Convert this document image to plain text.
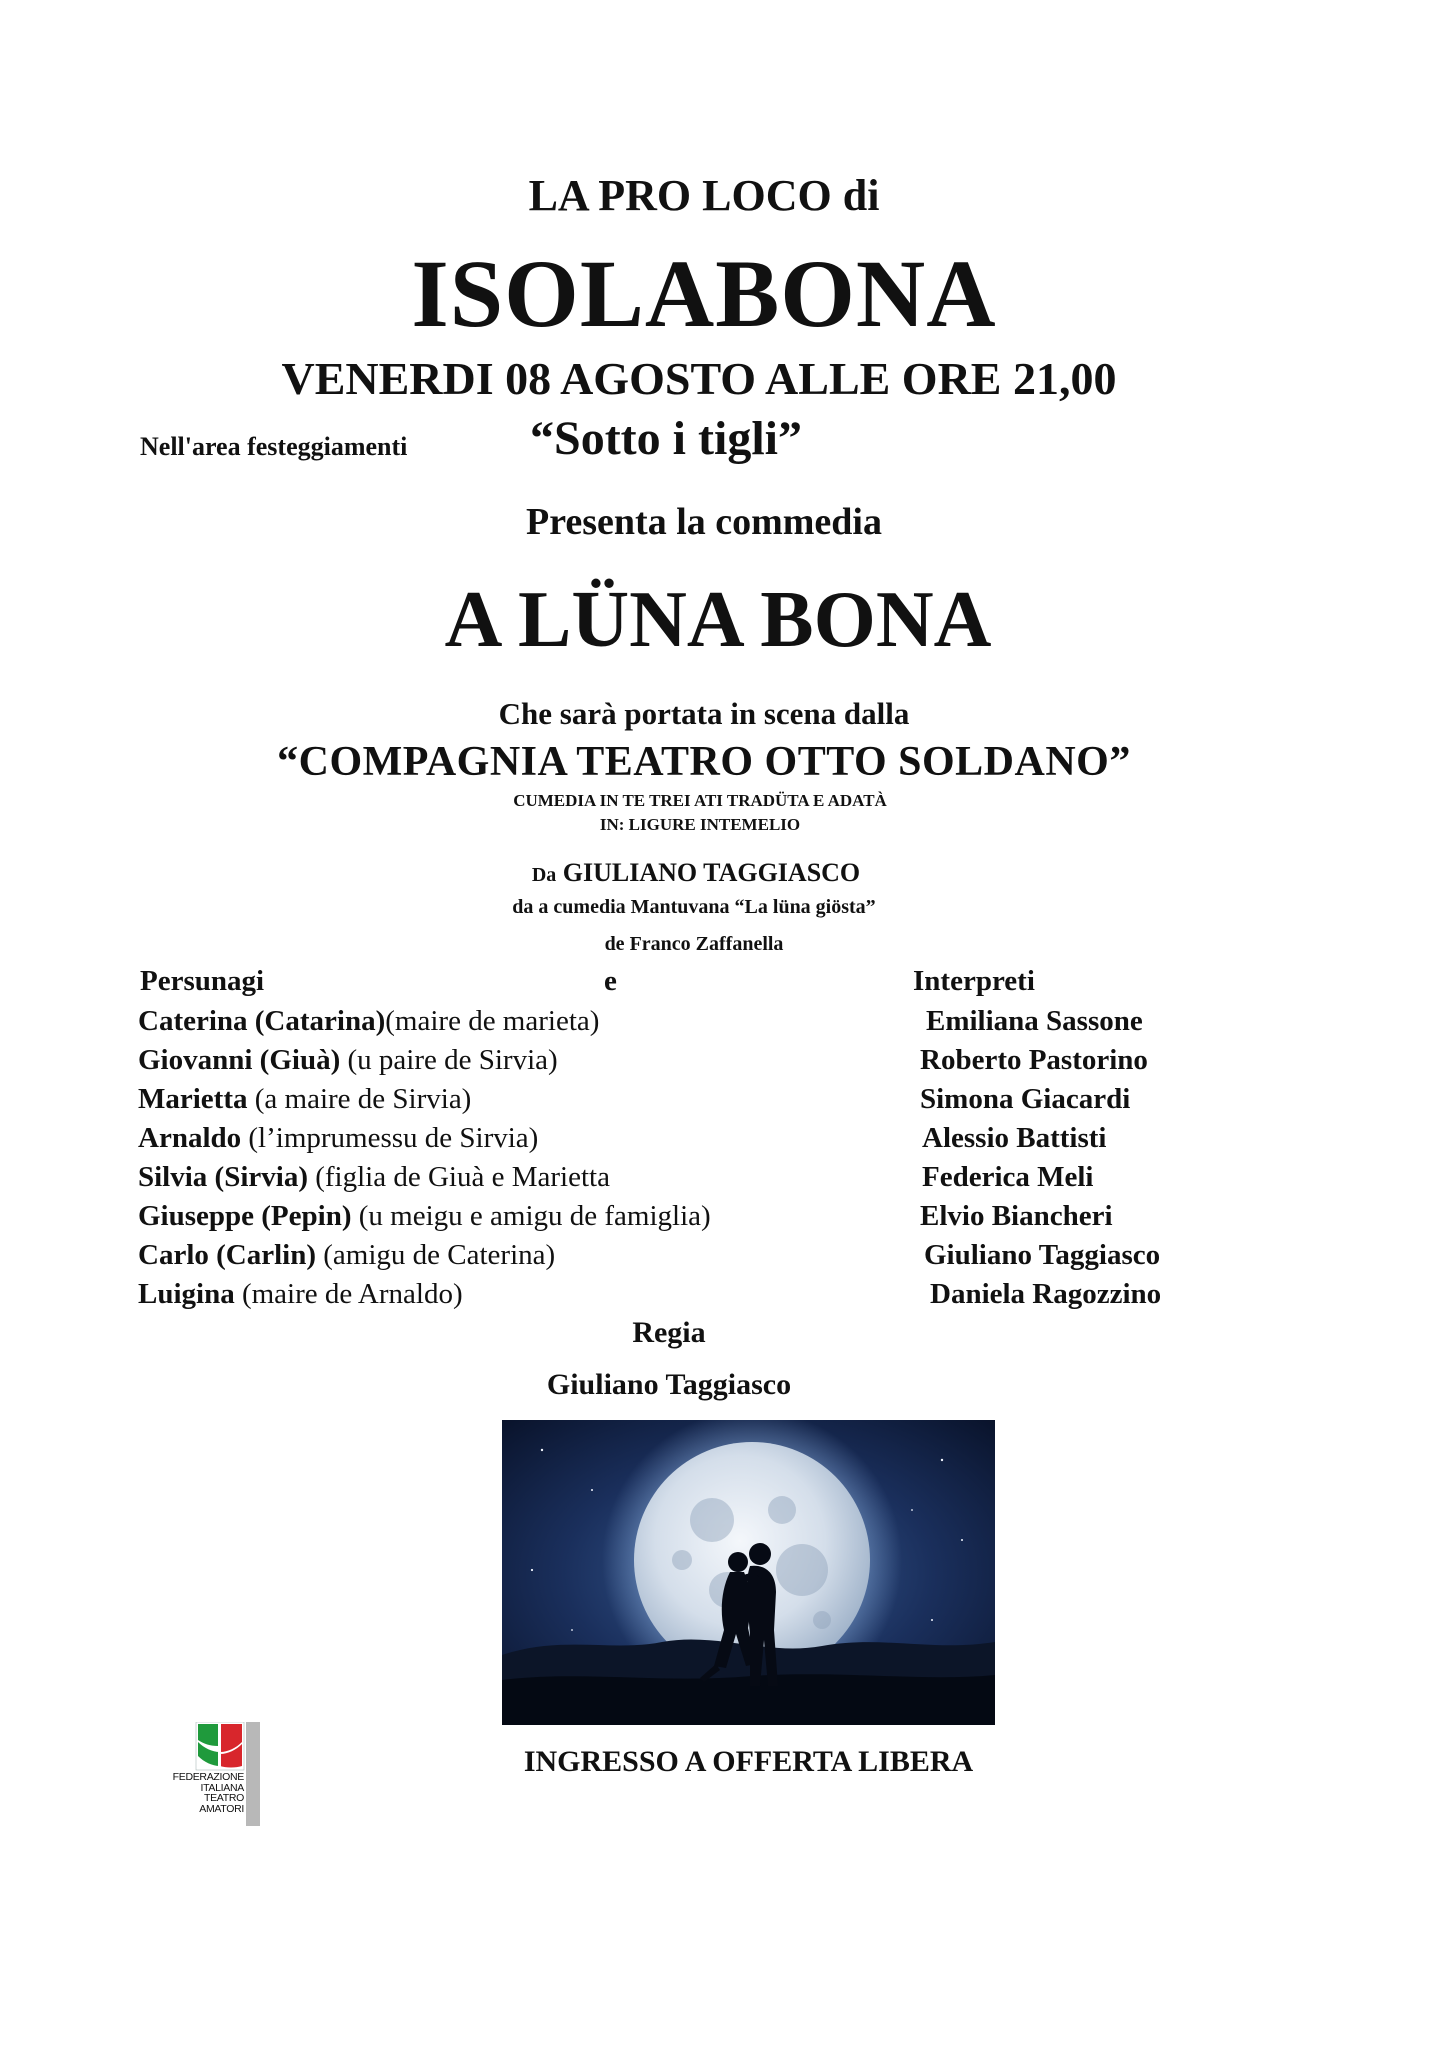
LA PRO LOCO di
ISOLABONA
VENERDI 08 AGOSTO ALLE ORE 21,00
Nell'area festeggiamenti	“Sotto i tigli”
Presenta la commedia
A LÜNA BONA
Che sarà portata in scena dalla
“COMPAGNIA TEATRO OTTO SOLDANO”
CUMEDIA IN TE TREI ATI TRADÜTA E ADATÀ
IN: LIGURE INTEMELIO
Da GIULIANO TAGGIASCO
da a cumedia Mantuvana “La lüna giösta”
de Franco Zaffanella
Persunagi	e	Interpreti
Caterina (Catarina)(maire de marieta)	Emiliana Sassone
Giovanni (Giuà) (u paire de Sirvia)	Roberto Pastorino
Marietta (a maire de Sirvia)	Simona Giacardi
Arnaldo (l’imprumessu de Sirvia)	Alessio Battisti
Silvia (Sirvia) (figlia de Giuà e Marietta	Federica Meli
Giuseppe (Pepin) (u meigu e amigu de famiglia)	Elvio Biancheri
Carlo (Carlin) (amigu de Caterina)	Giuliano Taggiasco
Luigina (maire de Arnaldo)	Daniela Ragozzino
Regia
Giuliano Taggiasco
FEDERAZIONE
ITALIANA
TEATRO
AMATORI
INGRESSO A OFFERTA LIBERA
